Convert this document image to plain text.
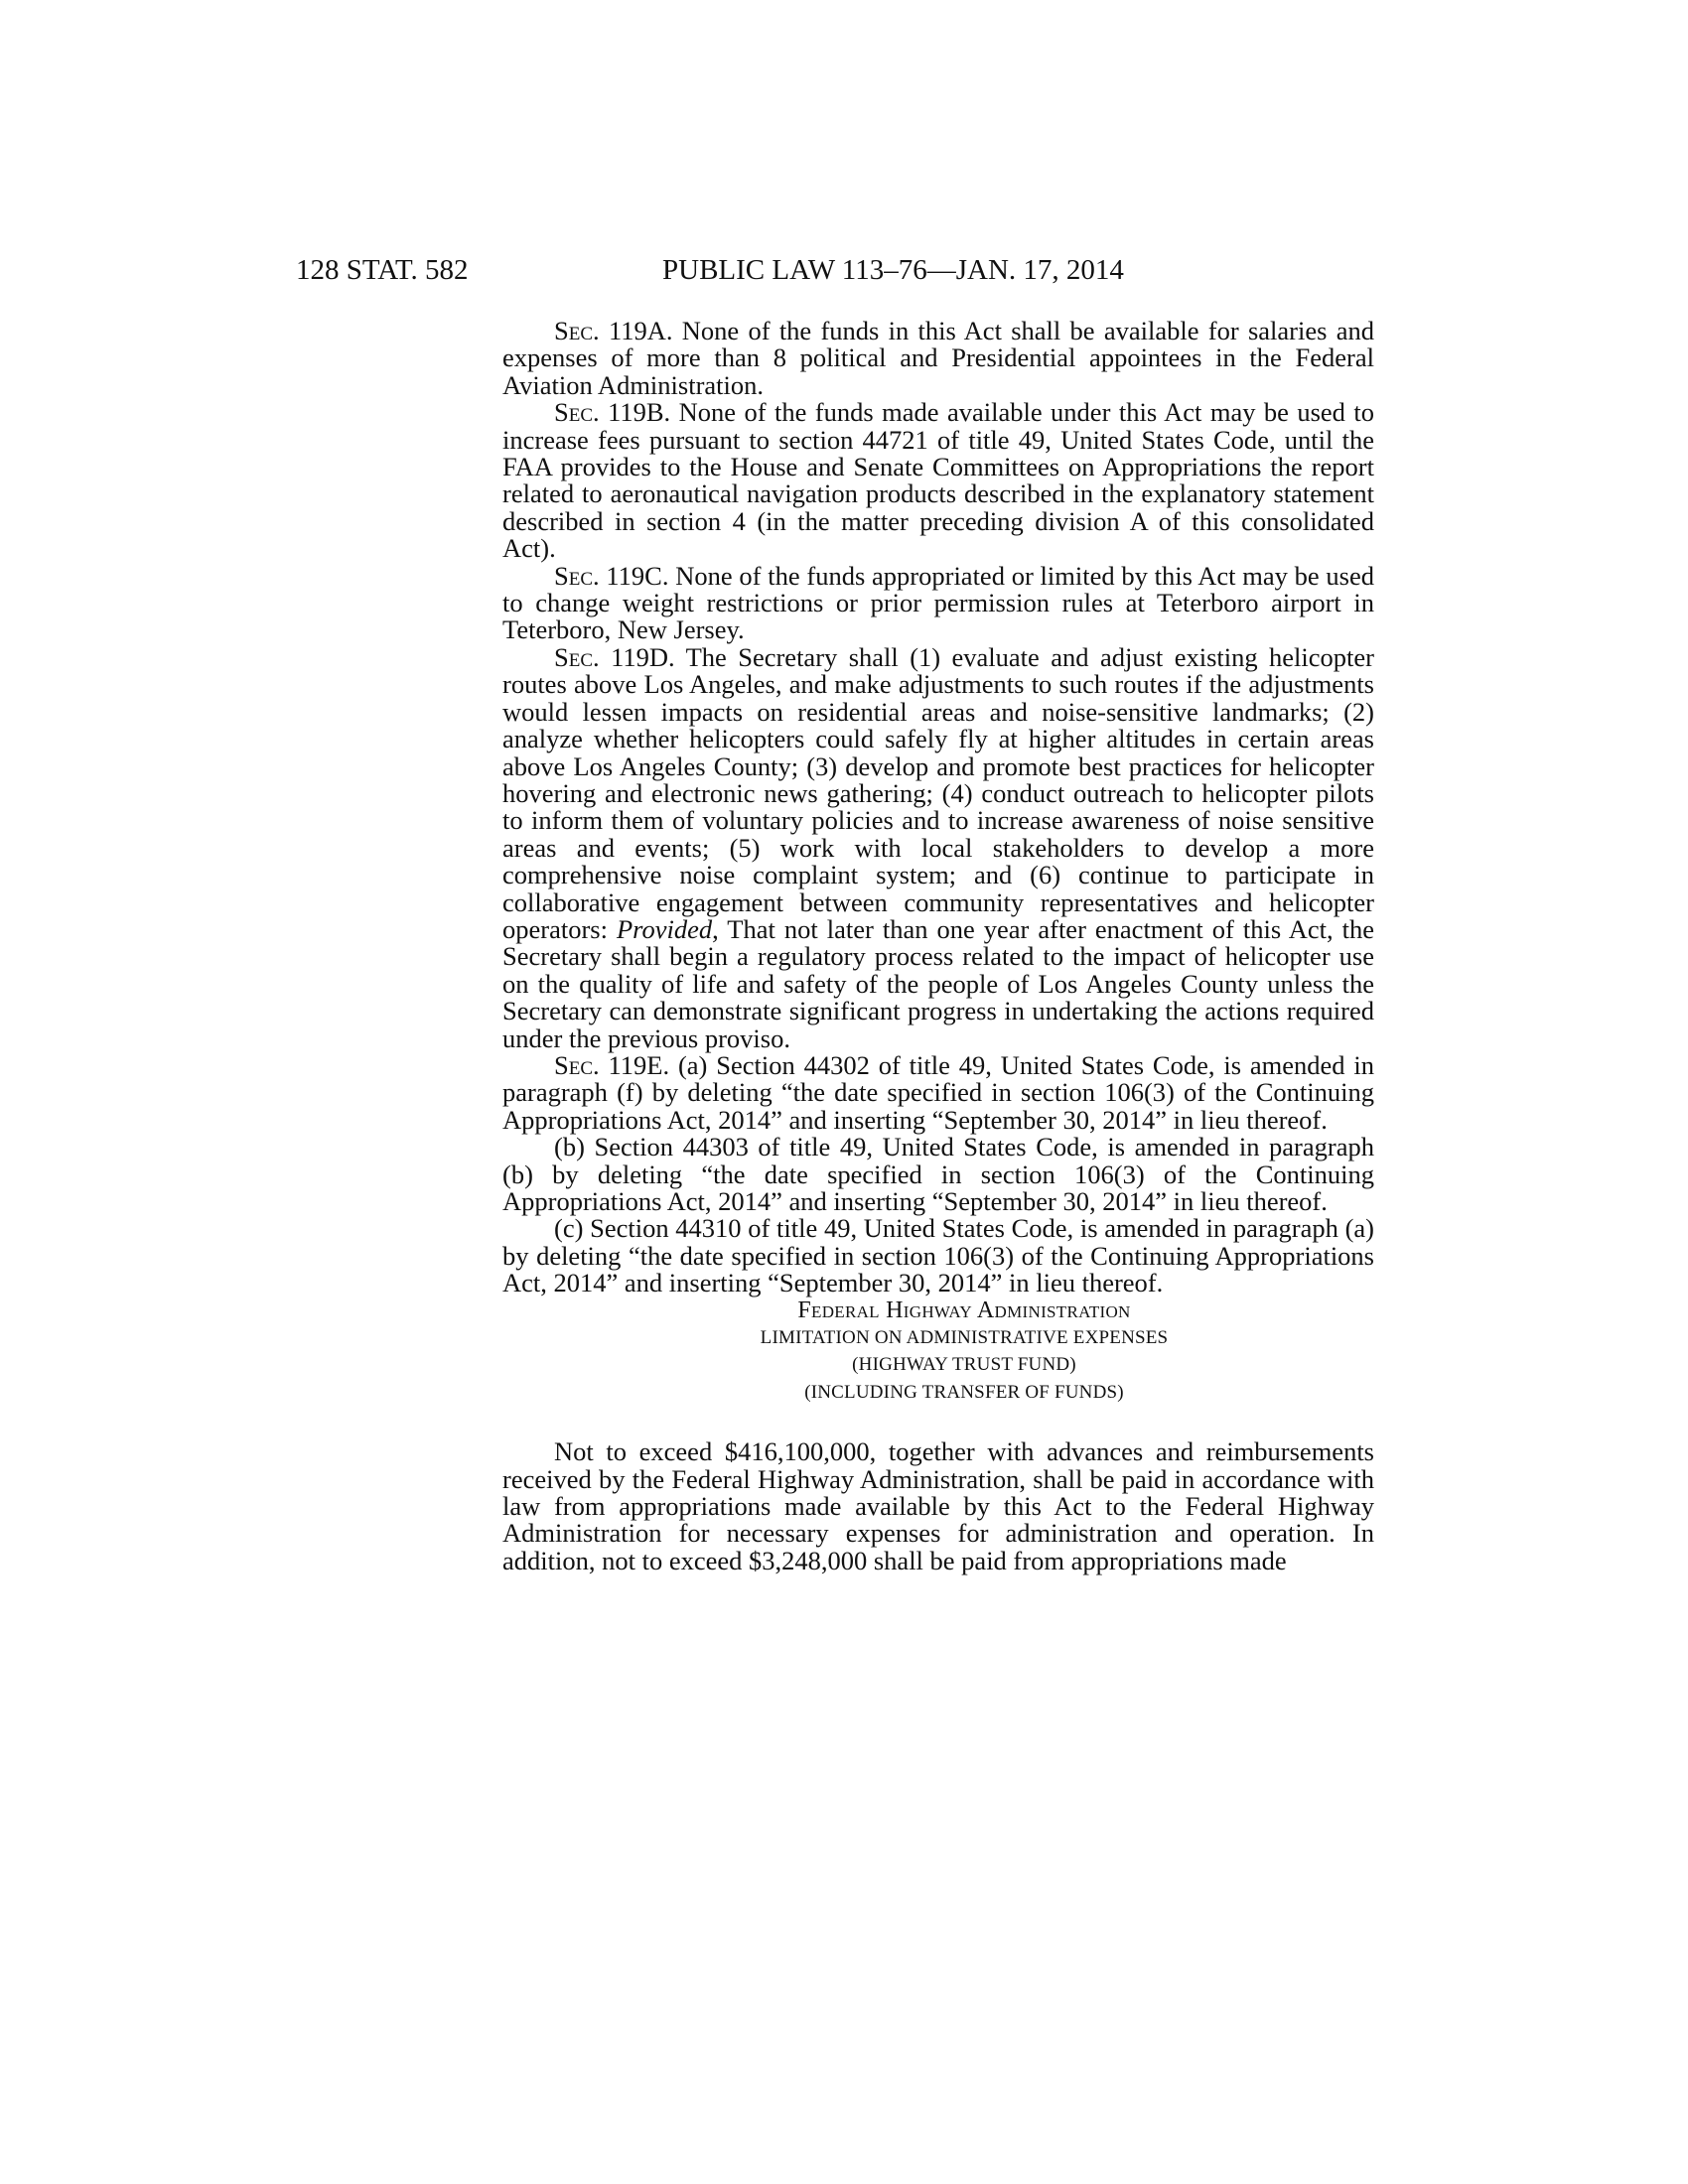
128 STAT. 582	PUBLIC LAW 113–76—JAN. 17, 2014

Sec. 119A. None of the funds in this Act shall be available for salaries and expenses of more than 8 political and Presidential appointees in the Federal Aviation Administration.

Sec. 119B. None of the funds made available under this Act may be used to increase fees pursuant to section 44721 of title 49, United States Code, until the FAA provides to the House and Senate Committees on Appropriations the report related to aeronautical navigation products described in the explanatory statement described in section 4 (in the matter preceding division A of this consolidated Act).

Sec. 119C. None of the funds appropriated or limited by this Act may be used to change weight restrictions or prior permission rules at Teterboro airport in Teterboro, New Jersey.

Sec. 119D. The Secretary shall (1) evaluate and adjust existing helicopter routes above Los Angeles, and make adjustments to such routes if the adjustments would lessen impacts on residential areas and noise-sensitive landmarks; (2) analyze whether helicopters could safely fly at higher altitudes in certain areas above Los Angeles County; (3) develop and promote best practices for helicopter hovering and electronic news gathering; (4) conduct outreach to helicopter pilots to inform them of voluntary policies and to increase awareness of noise sensitive areas and events; (5) work with local stakeholders to develop a more comprehensive noise complaint system; and (6) continue to participate in collaborative engagement between community representatives and helicopter operators: Provided, That not later than one year after enactment of this Act, the Secretary shall begin a regulatory process related to the impact of helicopter use on the quality of life and safety of the people of Los Angeles County unless the Secretary can demonstrate significant progress in undertaking the actions required under the previous proviso.

Sec. 119E. (a) Section 44302 of title 49, United States Code, is amended in paragraph (f) by deleting “the date specified in section 106(3) of the Continuing Appropriations Act, 2014” and inserting “September 30, 2014” in lieu thereof.

(b) Section 44303 of title 49, United States Code, is amended in paragraph (b) by deleting “the date specified in section 106(3) of the Continuing Appropriations Act, 2014” and inserting “September 30, 2014” in lieu thereof.

(c) Section 44310 of title 49, United States Code, is amended in paragraph (a) by deleting “the date specified in section 106(3) of the Continuing Appropriations Act, 2014” and inserting “September 30, 2014” in lieu thereof.

Federal Highway Administration

LIMITATION ON ADMINISTRATIVE EXPENSES

(HIGHWAY TRUST FUND)

(INCLUDING TRANSFER OF FUNDS)

Not to exceed $416,100,000, together with advances and reimbursements received by the Federal Highway Administration, shall be paid in accordance with law from appropriations made available by this Act to the Federal Highway Administration for necessary expenses for administration and operation. In addition, not to exceed $3,248,000 shall be paid from appropriations made
